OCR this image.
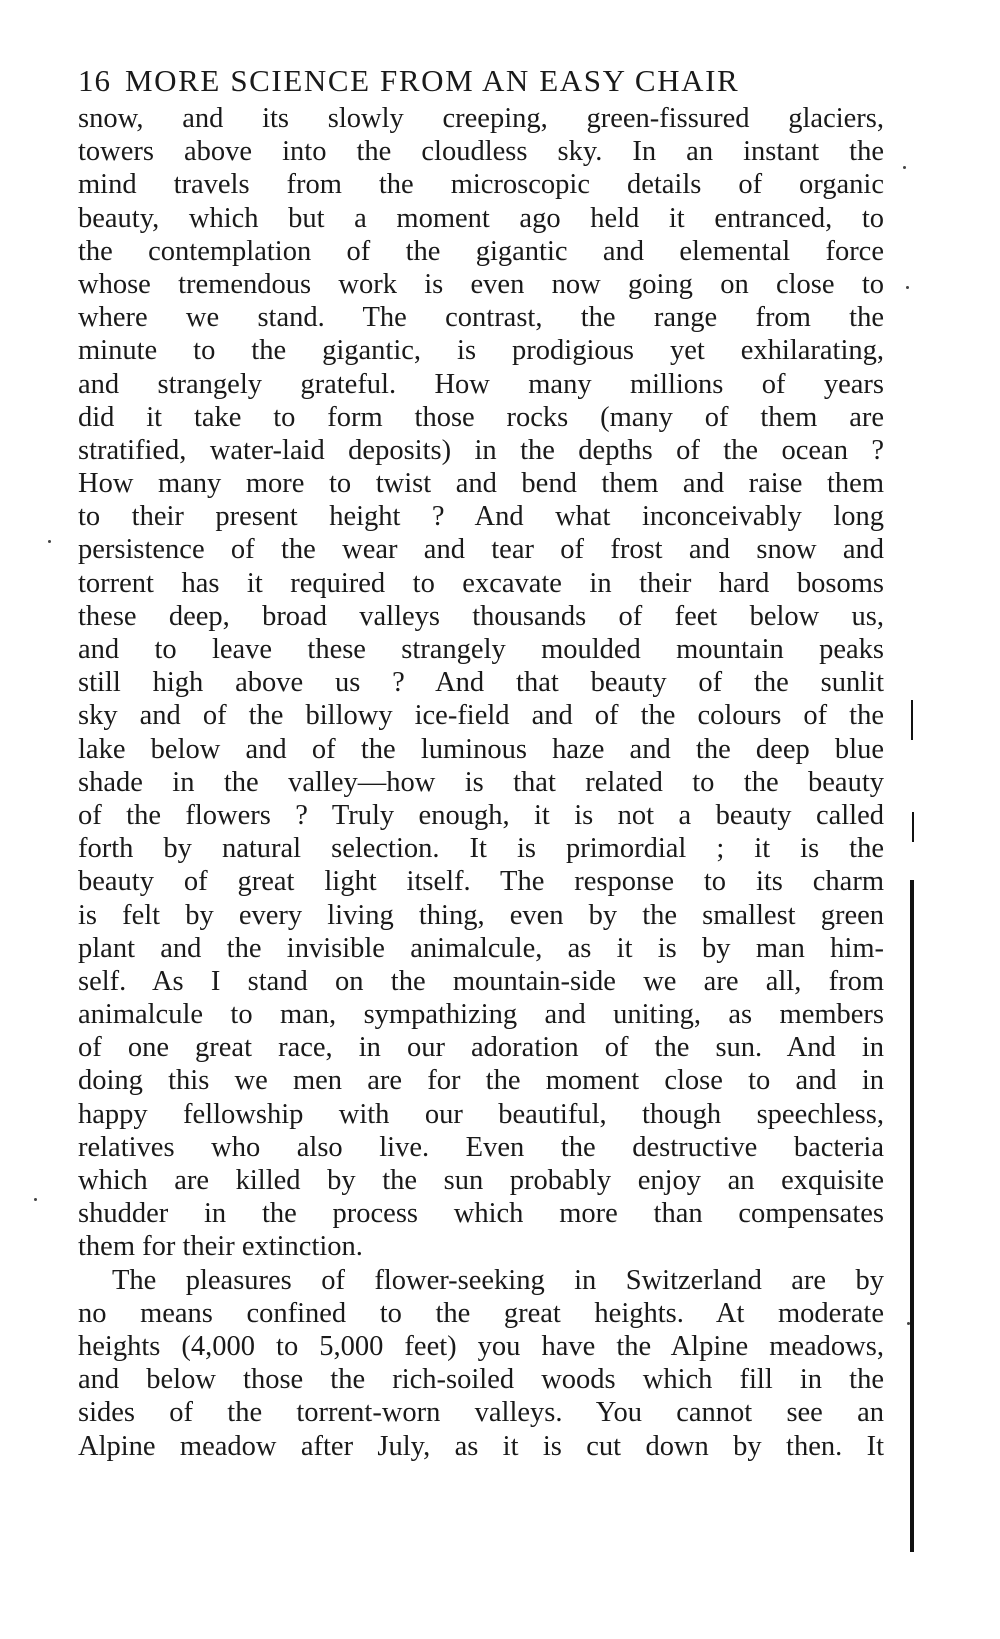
16 MORE SCIENCE FROM AN EASY CHAIR
snow, and its slowly creeping, green-fissured glaciers,
towers above into the cloudless sky. In an instant the
mind travels from the microscopic details of organic
beauty, which but a moment ago held it entranced, to
the contemplation of the gigantic and elemental force
whose tremendous work is even now going on close to
where we stand. The contrast, the range from the
minute to the gigantic, is prodigious yet exhilarating,
and strangely grateful. How many millions of years
did it take to form those rocks (many of them are
stratified, water-laid deposits) in the depths of the ocean ?
How many more to twist and bend them and raise them
to their present height ? And what inconceivably long
persistence of the wear and tear of frost and snow and
torrent has it required to excavate in their hard bosoms
these deep, broad valleys thousands of feet below us,
and to leave these strangely moulded mountain peaks
still high above us ? And that beauty of the sunlit
sky and of the billowy ice-field and of the colours of the
lake below and of the luminous haze and the deep blue
shade in the valley—how is that related to the beauty
of the flowers ? Truly enough, it is not a beauty called
forth by natural selection. It is primordial ; it is the
beauty of great light itself. The response to its charm
is felt by every living thing, even by the smallest green
plant and the invisible animalcule, as it is by man him-
self. As I stand on the mountain-side we are all, from
animalcule to man, sympathizing and uniting, as members
of one great race, in our adoration of the sun. And in
doing this we men are for the moment close to and in
happy fellowship with our beautiful, though speechless,
relatives who also live. Even the destructive bacteria
which are killed by the sun probably enjoy an exquisite
shudder in the process which more than compensates
them for their extinction.
The pleasures of flower-seeking in Switzerland are by
no means confined to the great heights. At moderate
heights (4,000 to 5,000 feet) you have the Alpine meadows,
and below those the rich-soiled woods which fill in the
sides of the torrent-worn valleys. You cannot see an
Alpine meadow after July, as it is cut down by then. It
